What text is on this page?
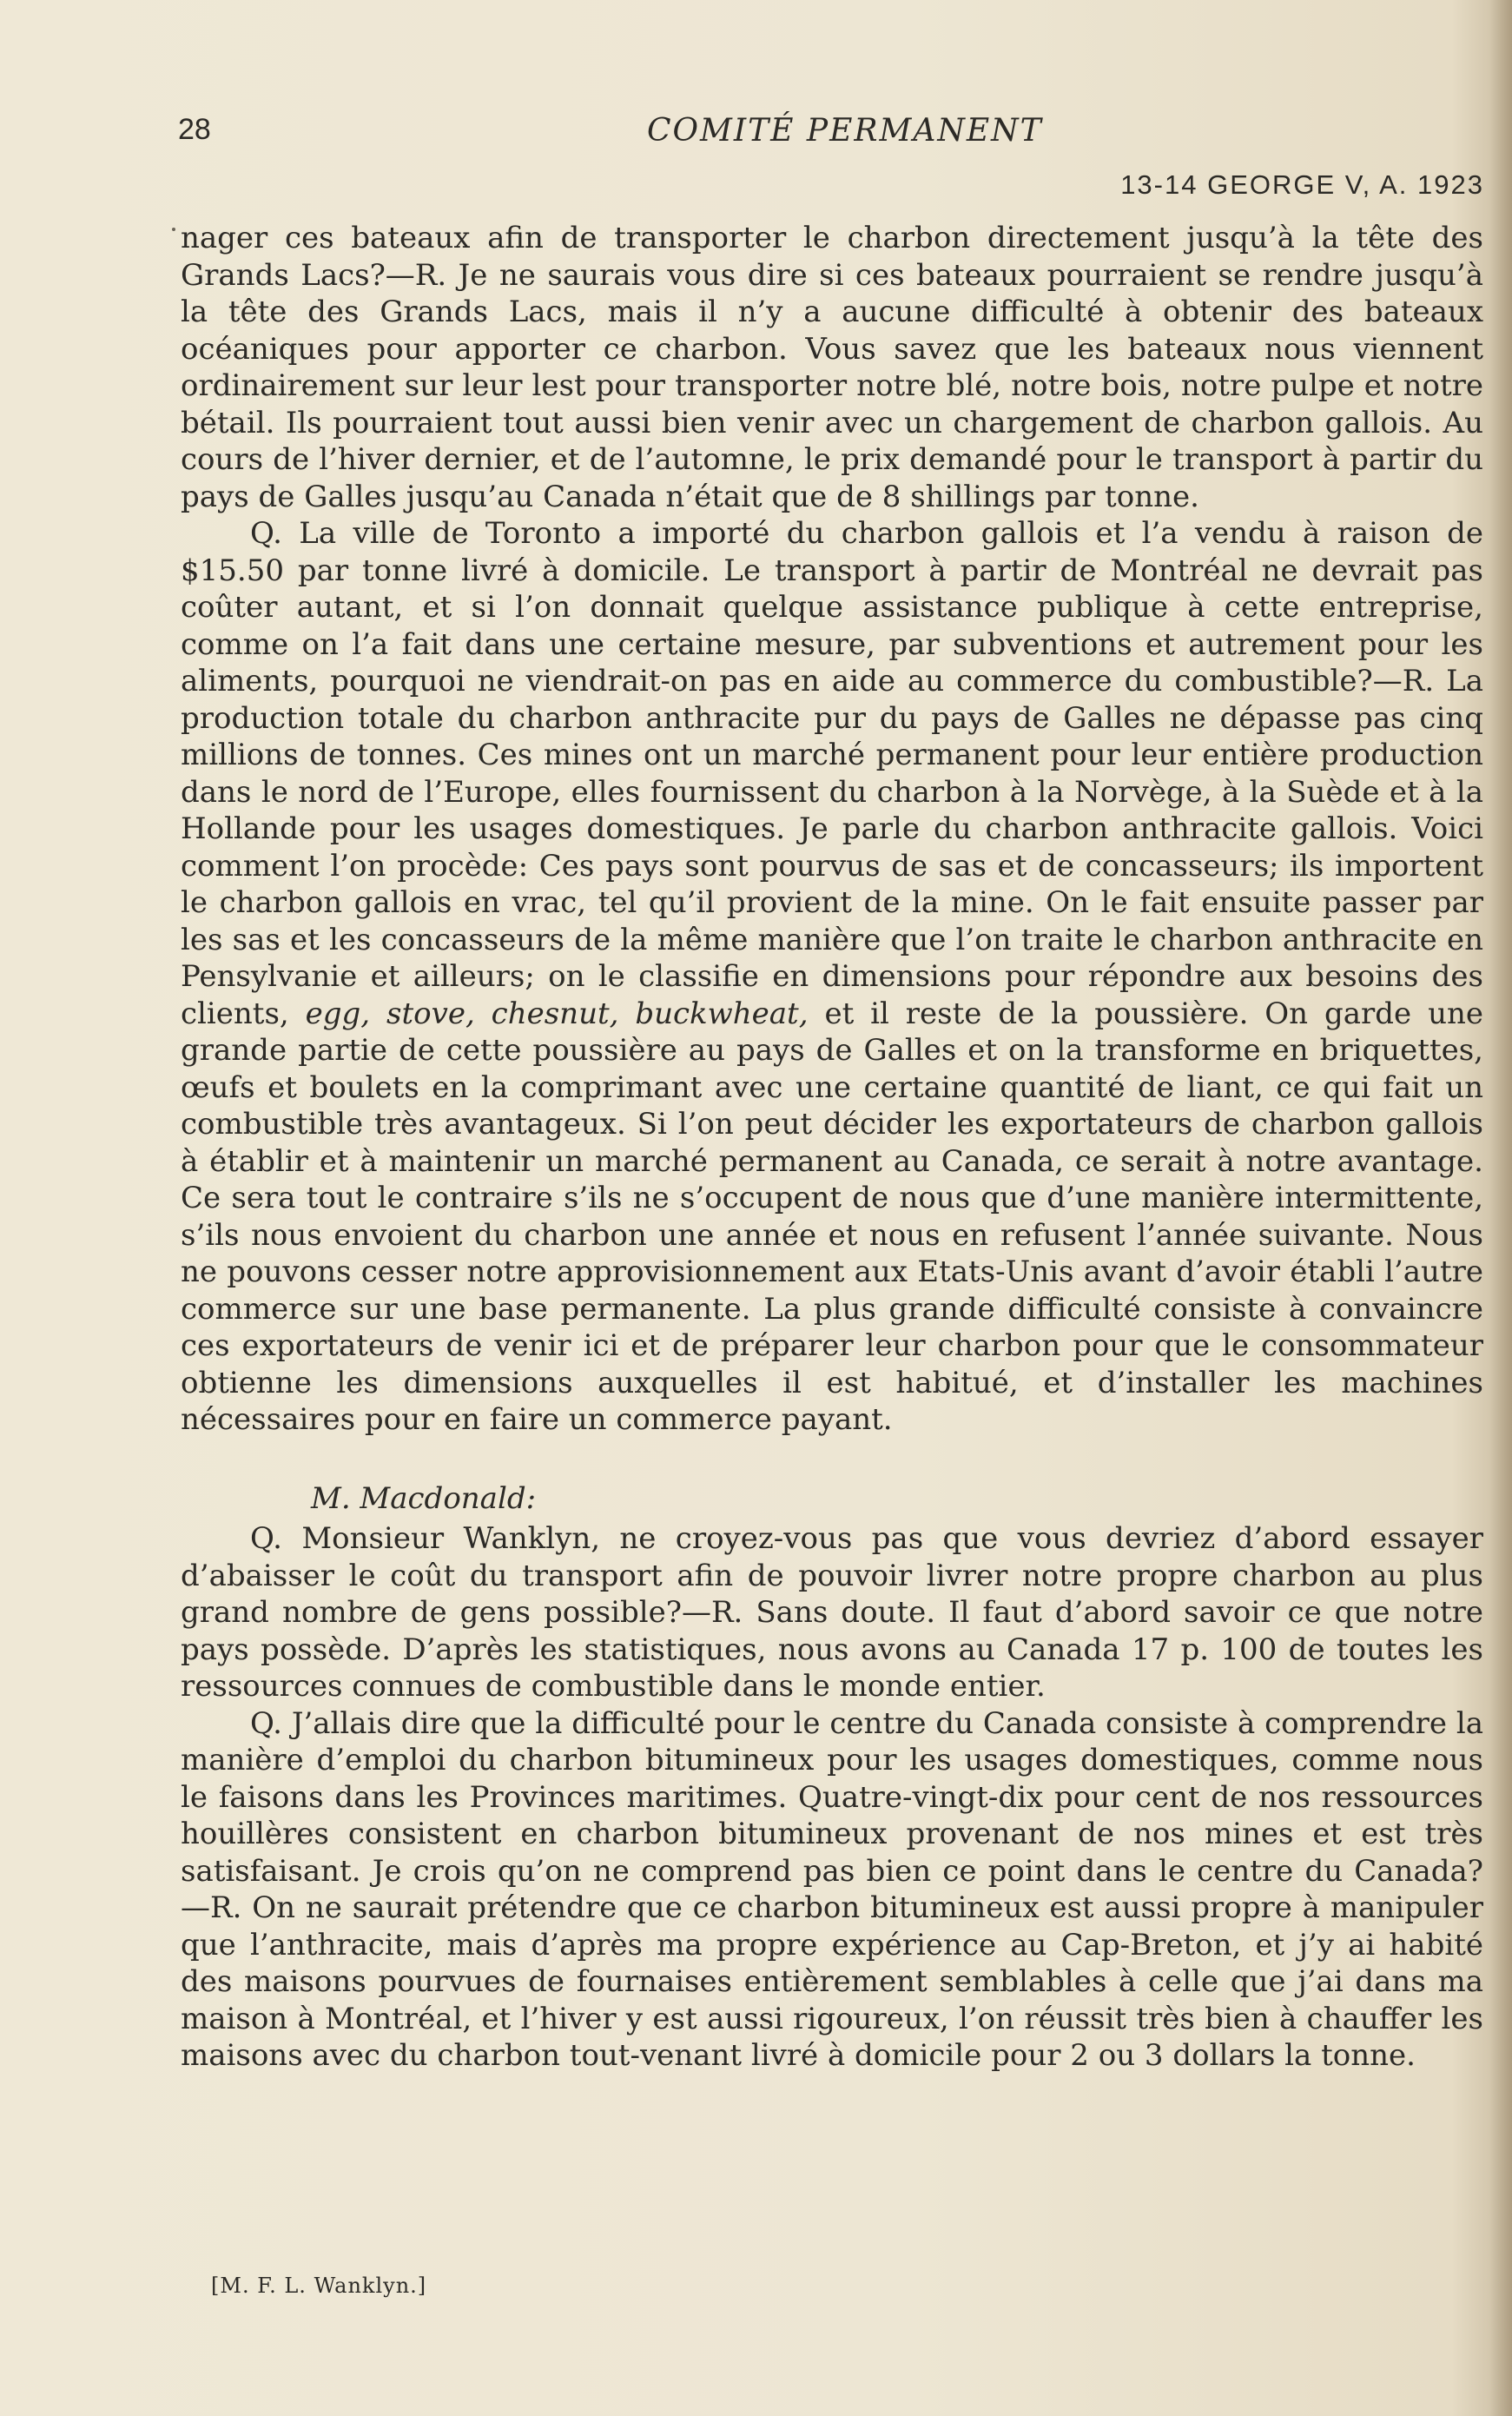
28	COMITÉ PERMANENT
13-14 GEORGE V, A. 1923

nager ces bateaux afin de transporter le charbon directement jusqu’à la tête des Grands Lacs?—R. Je ne saurais vous dire si ces bateaux pourraient se rendre jusqu’à la tête des Grands Lacs, mais il n’y a aucune difficulté à obtenir des bateaux océaniques pour apporter ce charbon. Vous savez que les bateaux nous viennent ordinairement sur leur lest pour transporter notre blé, notre bois, notre pulpe et notre bétail. Ils pourraient tout aussi bien venir avec un chargement de charbon gallois. Au cours de l’hiver dernier, et de l’automne, le prix demandé pour le transport à partir du pays de Galles jusqu’au Canada n’était que de 8 shillings par tonne.

Q. La ville de Toronto a importé du charbon gallois et l’a vendu à raison de $15.50 par tonne livré à domicile. Le transport à partir de Montréal ne devrait pas coûter autant, et si l’on donnait quelque assistance publique à cette entreprise, comme on l’a fait dans une certaine mesure, par subventions et autrement pour les aliments, pourquoi ne viendrait-on pas en aide au commerce du combustible?—R. La production totale du charbon anthracite pur du pays de Galles ne dépasse pas cinq millions de tonnes. Ces mines ont un marché permanent pour leur entière production dans le nord de l’Europe, elles fournissent du charbon à la Norvège, à la Suède et à la Hollande pour les usages domestiques. Je parle du charbon anthracite gallois. Voici comment l’on procède: Ces pays sont pourvus de sas et de concasseurs; ils importent le charbon gallois en vrac, tel qu’il provient de la mine. On le fait ensuite passer par les sas et les concasseurs de la même manière que l’on traite le charbon anthracite en Pensylvanie et ailleurs; on le classifie en dimensions pour répondre aux besoins des clients, egg, stove, chesnut, buckwheat, et il reste de la poussière. On garde une grande partie de cette poussière au pays de Galles et on la transforme en briquettes, œufs et boulets en la comprimant avec une certaine quantité de liant, ce qui fait un combustible très avantageux. Si l’on peut décider les exportateurs de charbon gallois à établir et à maintenir un marché permanent au Canada, ce serait à notre avantage. Ce sera tout le contraire s’ils ne s’occupent de nous que d’une manière intermittente, s’ils nous envoient du charbon une année et nous en refusent l’année suivante. Nous ne pouvons cesser notre approvisionnement aux Etats-Unis avant d’avoir établi l’autre commerce sur une base permanente. La plus grande difficulté consiste à convaincre ces exportateurs de venir ici et de préparer leur charbon pour que le consommateur obtienne les dimensions auxquelles il est habitué, et d’installer les machines nécessaires pour en faire un commerce payant.

M. Macdonald:

Q. Monsieur Wanklyn, ne croyez-vous pas que vous devriez d’abord essayer d’abaisser le coût du transport afin de pouvoir livrer notre propre charbon au plus grand nombre de gens possible?—R. Sans doute. Il faut d’abord savoir ce que notre pays possède. D’après les statistiques, nous avons au Canada 17 p. 100 de toutes les ressources connues de combustible dans le monde entier.

Q. J’allais dire que la difficulté pour le centre du Canada consiste à comprendre la manière d’emploi du charbon bitumineux pour les usages domestiques, comme nous le faisons dans les Provinces maritimes. Quatre-vingt-dix pour cent de nos ressources houillères consistent en charbon bitumineux provenant de nos mines et est très satisfaisant. Je crois qu’on ne comprend pas bien ce point dans le centre du Canada?—R. On ne saurait prétendre que ce charbon bitumineux est aussi propre à manipuler que l’anthracite, mais d’après ma propre expérience au Cap-Breton, et j’y ai habité des maisons pourvues de fournaises entièrement semblables à celle que j’ai dans ma maison à Montréal, et l’hiver y est aussi rigoureux, l’on réussit très bien à chauffer les maisons avec du charbon tout-venant livré à domicile pour 2 ou 3 dollars la tonne.

[M. F. L. Wanklyn.]
